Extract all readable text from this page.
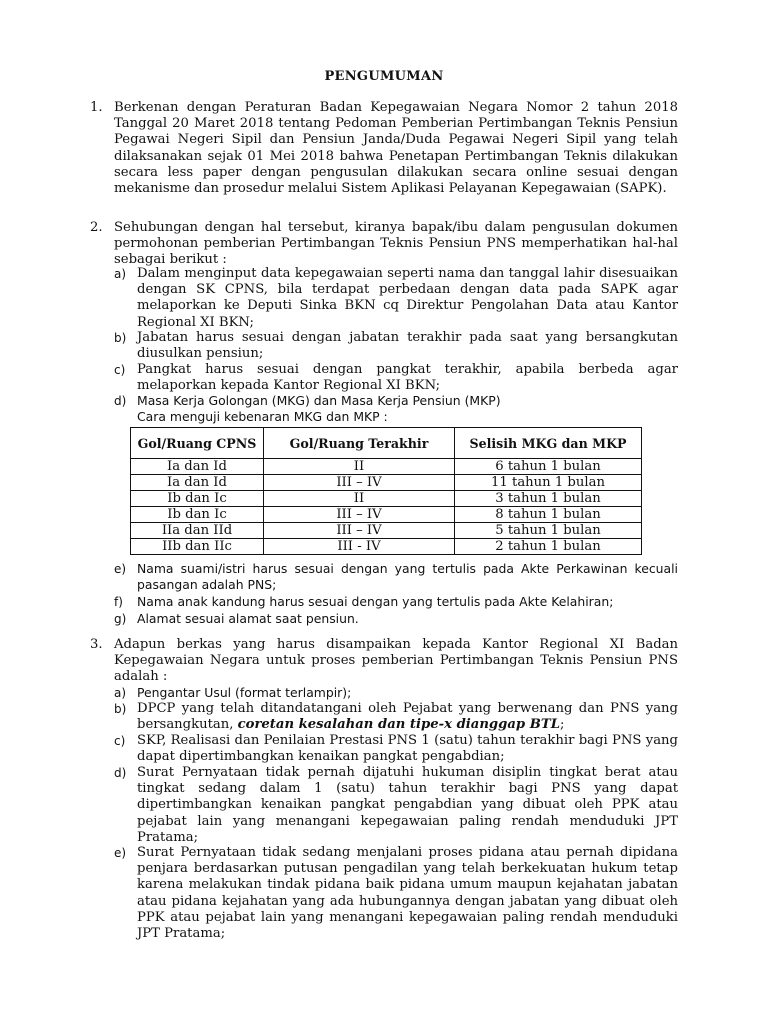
PENGUMUMAN
1. Berkenan dengan Peraturan Badan Kepegawaian Negara Nomor 2 tahun 2018 Tanggal 20 Maret 2018 tentang Pedoman Pemberian Pertimbangan Teknis Pensiun Pegawai Negeri Sipil dan Pensiun Janda/Duda Pegawai Negeri Sipil yang telah dilaksanakan sejak 01 Mei 2018 bahwa Penetapan Pertimbangan Teknis dilakukan secara less paper dengan pengusulan dilakukan secara online sesuai dengan mekanisme dan prosedur melalui Sistem Aplikasi Pelayanan Kepegawaian (SAPK).
2. Sehubungan dengan hal tersebut, kiranya bapak/ibu dalam pengusulan dokumen permohonan pemberian Pertimbangan Teknis Pensiun PNS memperhatikan hal-hal sebagai berikut :
a) Dalam menginput data kepegawaian seperti nama dan tanggal lahir disesuaikan dengan SK CPNS, bila terdapat perbedaan dengan data pada SAPK agar melaporkan ke Deputi Sinka BKN cq Direktur Pengolahan Data atau Kantor Regional XI BKN;
b) Jabatan harus sesuai dengan jabatan terakhir pada saat yang bersangkutan diusulkan pensiun;
c) Pangkat harus sesuai dengan pangkat terakhir, apabila berbeda agar melaporkan kepada Kantor Regional XI BKN;
d) Masa Kerja Golongan (MKG) dan Masa Kerja Pensiun (MKP)
Cara menguji kebenaran MKG dan MKP :
Gol/Ruang CPNS	Gol/Ruang Terakhir	Selisih MKG dan MKP
Ia dan Id	II	6 tahun 1 bulan
Ia dan Id	III – IV	11 tahun 1 bulan
Ib dan Ic	II	3 tahun 1 bulan
Ib dan Ic	III – IV	8 tahun 1 bulan
IIa dan IId	III – IV	5 tahun 1 bulan
IIb dan IIc	III - IV	2 tahun 1 bulan
e) Nama suami/istri harus sesuai dengan yang tertulis pada Akte Perkawinan kecuali pasangan adalah PNS;
f)	Nama anak kandung harus sesuai dengan yang tertulis pada Akte Kelahiran;
g) Alamat sesuai alamat saat pensiun.
3. Adapun berkas yang harus disampaikan kepada Kantor Regional XI Badan Kepegawaian Negara untuk proses pemberian Pertimbangan Teknis Pensiun PNS adalah :
a) Pengantar Usul (format terlampir);
b) DPCP yang telah ditandatangani oleh Pejabat yang berwenang dan PNS yang bersangkutan, coretan kesalahan dan tipe-x dianggap BTL;
c) SKP, Realisasi dan Penilaian Prestasi PNS 1 (satu) tahun terakhir bagi PNS yang dapat dipertimbangkan kenaikan pangkat pengabdian;
d) Surat Pernyataan tidak pernah dijatuhi hukuman disiplin tingkat berat atau tingkat sedang dalam 1 (satu) tahun terakhir bagi PNS yang dapat dipertimbangkan kenaikan pangkat pengabdian yang dibuat oleh PPK atau pejabat lain yang menangani kepegawaian paling rendah menduduki JPT Pratama;
e) Surat Pernyataan tidak sedang menjalani proses pidana atau pernah dipidana penjara berdasarkan putusan pengadilan yang telah berkekuatan hukum tetap karena melakukan tindak pidana baik pidana umum maupun kejahatan jabatan atau pidana kejahatan yang ada hubungannya dengan jabatan yang dibuat oleh PPK atau pejabat lain yang menangani kepegawaian paling rendah menduduki JPT Pratama;
